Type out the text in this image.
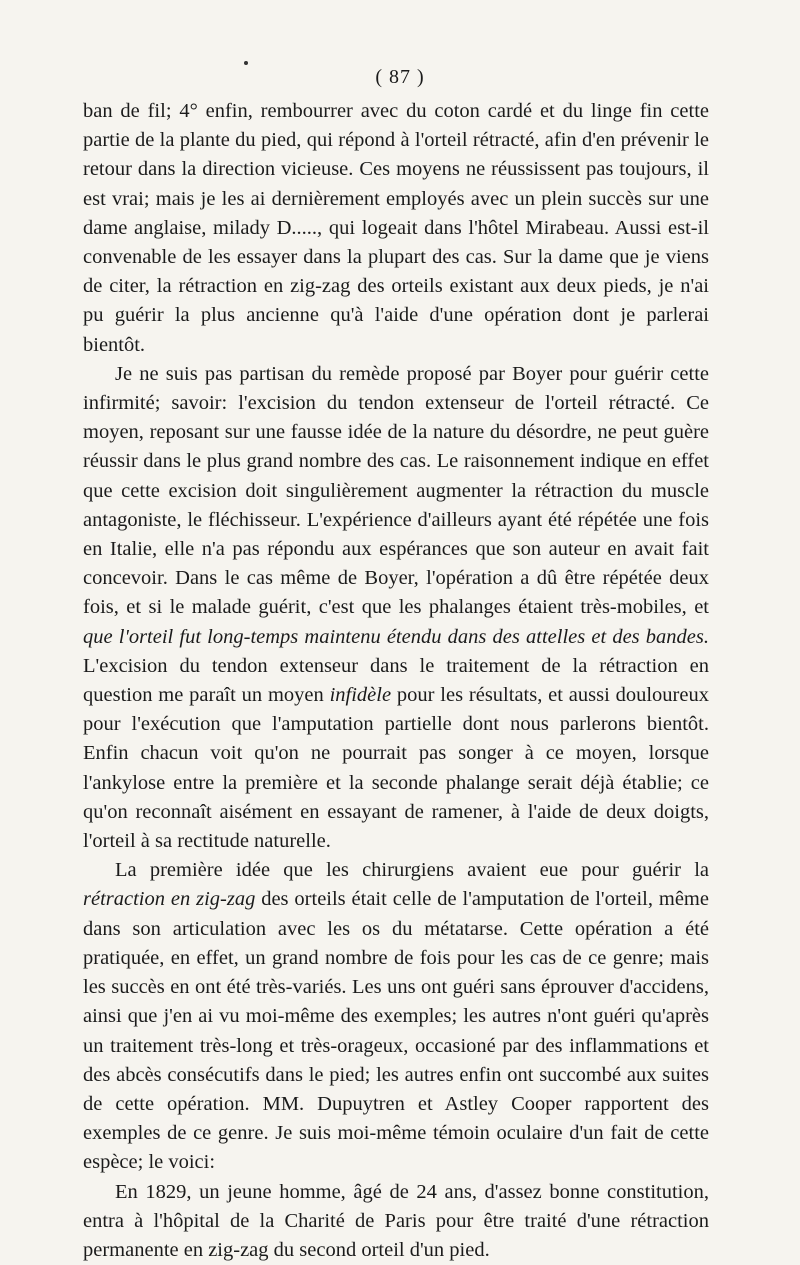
( 87 )

ban de fil; 4° enfin, rembourrer avec du coton cardé et du linge fin cette partie de la plante du pied, qui répond à l'orteil rétracté, afin d'en prévenir le retour dans la direction vicieuse. Ces moyens ne réussissent pas toujours, il est vrai; mais je les ai dernièrement employés avec un plein succès sur une dame anglaise, milady D....., qui logeait dans l'hôtel Mirabeau. Aussi est-il convenable de les essayer dans la plupart des cas. Sur la dame que je viens de citer, la rétraction en zig-zag des orteils existant aux deux pieds, je n'ai pu guérir la plus ancienne qu'à l'aide d'une opération dont je parlerai bientôt.

Je ne suis pas partisan du remède proposé par Boyer pour guérir cette infirmité; savoir: l'excision du tendon extenseur de l'orteil rétracté. Ce moyen, reposant sur une fausse idée de la nature du désordre, ne peut guère réussir dans le plus grand nombre des cas. Le raisonnement indique en effet que cette excision doit singulièrement augmenter la rétraction du muscle antagoniste, le fléchisseur. L'expérience d'ailleurs ayant été répétée une fois en Italie, elle n'a pas répondu aux espérances que son auteur en avait fait concevoir. Dans le cas même de Boyer, l'opération a dû être répétée deux fois, et si le malade guérit, c'est que les phalanges étaient très-mobiles, et que l'orteil fut long-temps maintenu étendu dans des attelles et des bandes. L'excision du tendon extenseur dans le traitement de la rétraction en question me paraît un moyen infidèle pour les résultats, et aussi douloureux pour l'exécution que l'amputation partielle dont nous parlerons bientôt. Enfin chacun voit qu'on ne pourrait pas songer à ce moyen, lorsque l'ankylose entre la première et la seconde phalange serait déjà établie; ce qu'on reconnaît aisément en essayant de ramener, à l'aide de deux doigts, l'orteil à sa rectitude naturelle.

La première idée que les chirurgiens avaient eue pour guérir la rétraction en zig-zag des orteils était celle de l'amputation de l'orteil, même dans son articulation avec les os du métatarse. Cette opération a été pratiquée, en effet, un grand nombre de fois pour les cas de ce genre; mais les succès en ont été très-variés. Les uns ont guéri sans éprouver d'accidens, ainsi que j'en ai vu moi-même des exemples; les autres n'ont guéri qu'après un traitement très-long et très-orageux, occasioné par des inflammations et des abcès consécutifs dans le pied; les autres enfin ont succombé aux suites de cette opération. MM. Dupuytren et Astley Cooper rapportent des exemples de ce genre. Je suis moi-même témoin oculaire d'un fait de cette espèce; le voici:

En 1829, un jeune homme, âgé de 24 ans, d'assez bonne constitution, entra à l'hôpital de la Charité de Paris pour être traité d'une rétraction permanente en zig-zag du second orteil d'un pied.
